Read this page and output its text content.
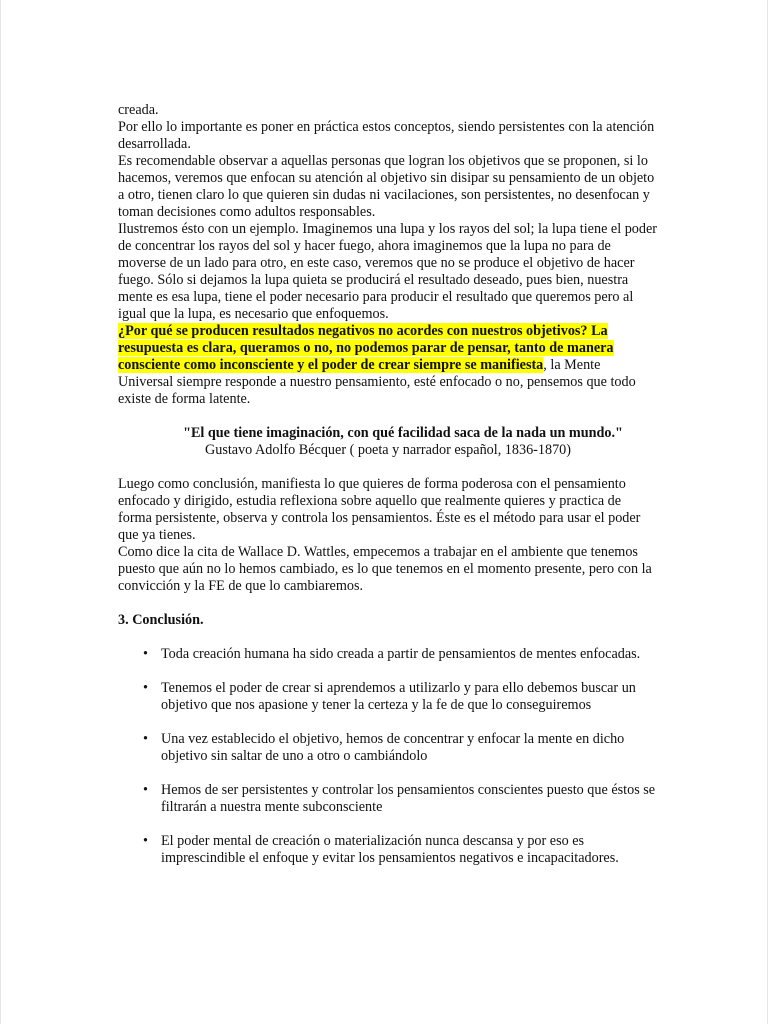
creada.

Por ello lo importante es poner en práctica estos conceptos, siendo persistentes con la atención desarrollada.

Es recomendable observar a aquellas personas que logran los objetivos que se proponen, si lo hacemos, veremos que enfocan su atención al objetivo sin disipar su pensamiento de un objeto a otro, tienen claro lo que quieren sin dudas ni vacilaciones, son persistentes, no desenfocan y toman decisiones como adultos responsables.

Ilustremos ésto con un ejemplo. Imaginemos una lupa y los rayos del sol; la lupa tiene el poder de concentrar los rayos del sol y hacer fuego, ahora imaginemos que la lupa no para de moverse de un lado para otro, en este caso, veremos que no se produce el objetivo de hacer fuego. Sólo si dejamos la lupa quieta se producirá el resultado deseado, pues bien, nuestra mente es esa lupa, tiene el poder necesario para producir el resultado que queremos pero al igual que la lupa, es necesario que enfoquemos.

¿Por qué se producen resultados negativos no acordes con nuestros objetivos? La resupuesta es clara, queramos o no, no podemos parar de pensar, tanto de manera consciente como inconsciente y el poder de crear siempre se manifiesta, la Mente Universal siempre responde a nuestro pensamiento, esté enfocado o no, pensemos que todo existe de forma latente.

"El que tiene imaginación, con qué facilidad saca de la nada un mundo."

Gustavo Adolfo Bécquer ( poeta y narrador español, 1836-1870)

Luego como conclusión, manifiesta lo que quieres de forma poderosa con el pensamiento enfocado y dirigido, estudia reflexiona sobre aquello que realmente quieres y practica de forma persistente, observa y controla los pensamientos. Éste es el método para usar el poder que ya tienes.

Como dice la cita de Wallace D. Wattles, empecemos a trabajar en el ambiente que tenemos puesto que aún no lo hemos cambiado, es lo que tenemos en el momento presente, pero con la convicción y la FE de que lo cambiaremos.

3. Conclusión.

• Toda creación humana ha sido creada a partir de pensamientos de mentes enfocadas.
• Tenemos el poder de crear si aprendemos a utilizarlo y para ello debemos buscar un objetivo que nos apasione y tener la certeza y la fe de que lo conseguiremos
• Una vez establecido el objetivo, hemos de concentrar y enfocar la mente en dicho objetivo sin saltar de uno a otro o cambiándolo
• Hemos de ser persistentes y controlar los pensamientos conscientes puesto que éstos se filtrarán a nuestra mente subconsciente
• El poder mental de creación o materialización nunca descansa y por eso es imprescindible el enfoque y evitar los pensamientos negativos e incapacitadores.
